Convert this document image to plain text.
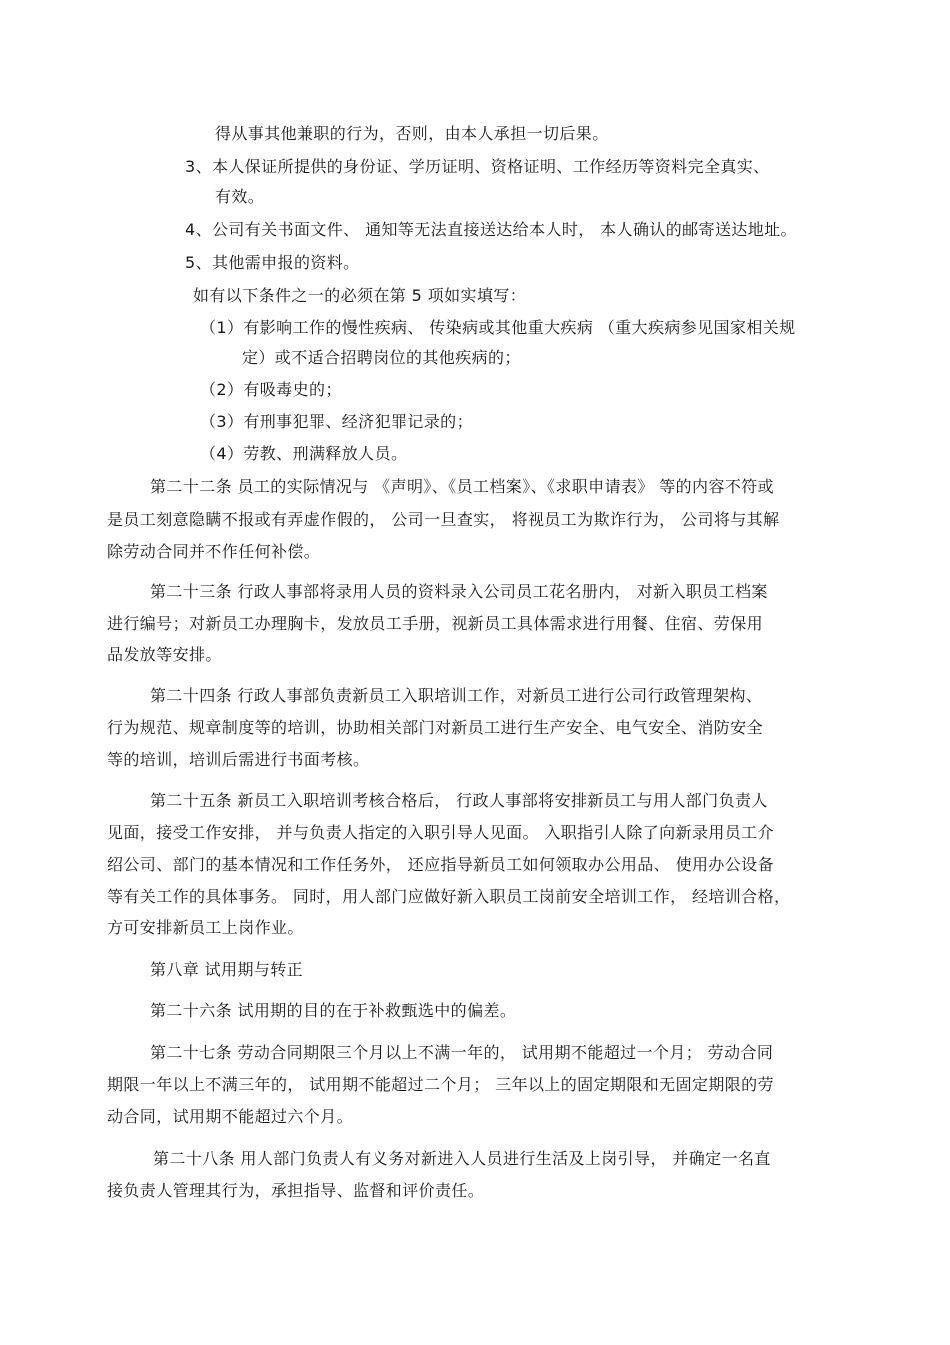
得从事其他兼职的行为，否则，由本人承担一切后果。
3、本人保证所提供的身份证、学历证明、资格证明、工作经历等资料完全真实、
有效。
4、公司有关书面文件、 通知等无法直接送达给本人时， 本人确认的邮寄送达地址。
5、其他需申报的资料。
如有以下条件之一的必须在第 5 项如实填写：
（1）有影响工作的慢性疾病、 传染病或其他重大疾病 （重大疾病参见国家相关规
定）或不适合招聘岗位的其他疾病的；
（2）有吸毒史的；
（3）有刑事犯罪、经济犯罪记录的；
（4）劳教、刑满释放人员。
第二十二条 员工的实际情况与 《声明》、《员工档案》、《求职申请表》 等的内容不符或
是员工刻意隐瞒不报或有弄虚作假的， 公司一旦查实， 将视员工为欺诈行为， 公司将与其解
除劳动合同并不作任何补偿。
第二十三条 行政人事部将录用人员的资料录入公司员工花名册内， 对新入职员工档案
进行编号；对新员工办理胸卡，发放员工手册，视新员工具体需求进行用餐、住宿、劳保用
品发放等安排。
第二十四条 行政人事部负责新员工入职培训工作，对新员工进行公司行政管理架构、
行为规范、规章制度等的培训，协助相关部门对新员工进行生产安全、电气安全、消防安全
等的培训，培训后需进行书面考核。
第二十五条 新员工入职培训考核合格后， 行政人事部将安排新员工与用人部门负责人
见面，接受工作安排， 并与负责人指定的入职引导人见面。 入职指引人除了向新录用员工介
绍公司、部门的基本情况和工作任务外， 还应指导新员工如何领取办公用品、 使用办公设备
等有关工作的具体事务。 同时，用人部门应做好新入职员工岗前安全培训工作， 经培训合格，
方可安排新员工上岗作业。
第八章 试用期与转正
第二十六条 试用期的目的在于补救甄选中的偏差。
第二十七条 劳动合同期限三个月以上不满一年的， 试用期不能超过一个月； 劳动合同
期限一年以上不满三年的， 试用期不能超过二个月； 三年以上的固定期限和无固定期限的劳
动合同，试用期不能超过六个月。
第二十八条 用人部门负责人有义务对新进入人员进行生活及上岗引导， 并确定一名直
接负责人管理其行为，承担指导、监督和评价责任。
